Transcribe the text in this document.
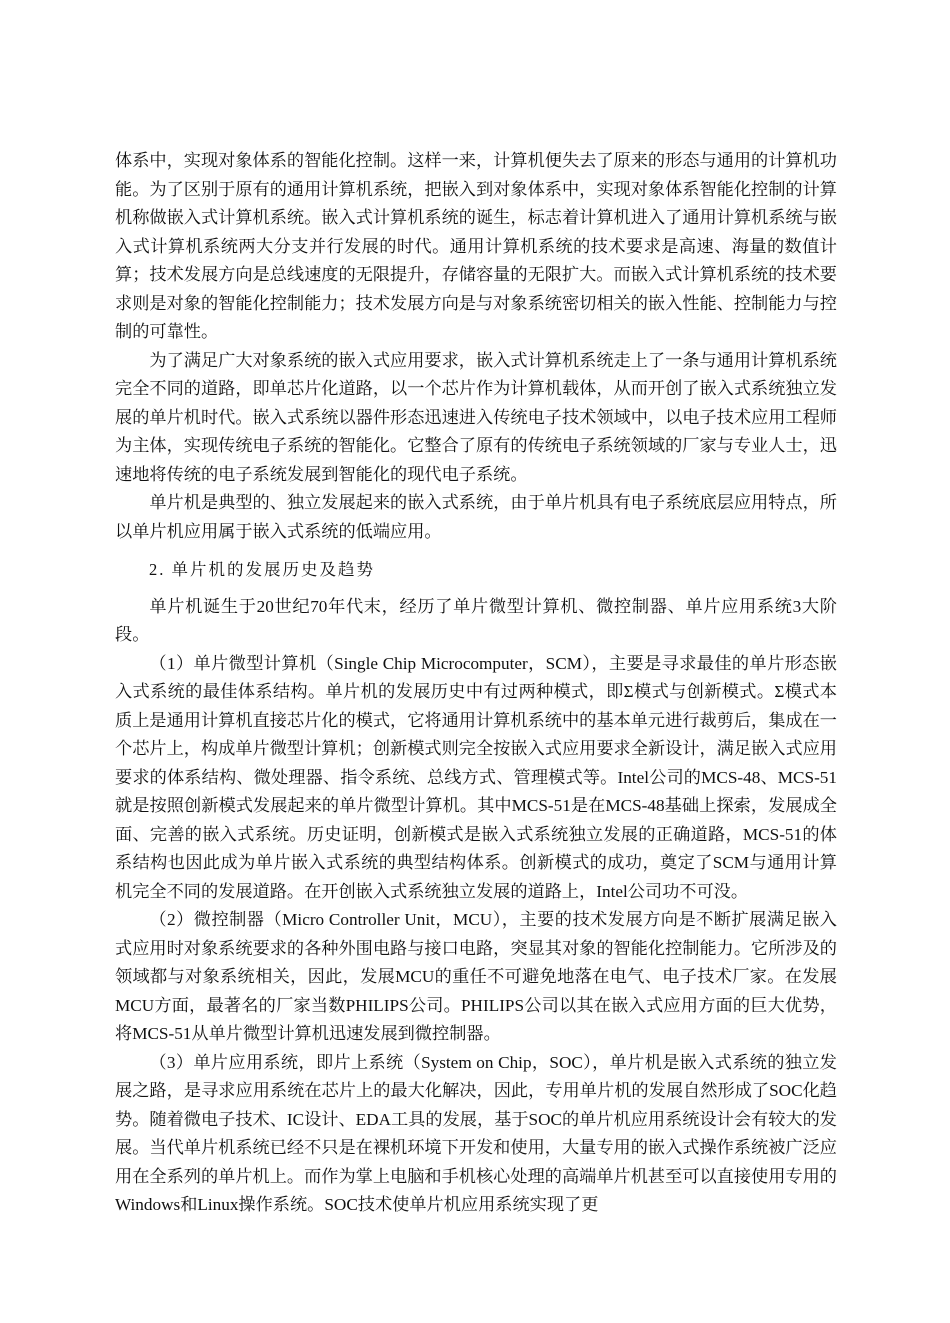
体系中，实现对象体系的智能化控制。这样一来，计算机便失去了原来的形态与通用的计算机功能。为了区别于原有的通用计算机系统，把嵌入到对象体系中，实现对象体系智能化控制的计算机称做嵌入式计算机系统。嵌入式计算机系统的诞生，标志着计算机进入了通用计算机系统与嵌入式计算机系统两大分支并行发展的时代。通用计算机系统的技术要求是高速、海量的数值计算；技术发展方向是总线速度的无限提升，存储容量的无限扩大。而嵌入式计算机系统的技术要求则是对象的智能化控制能力；技术发展方向是与对象系统密切相关的嵌入性能、控制能力与控制的可靠性。

为了满足广大对象系统的嵌入式应用要求，嵌入式计算机系统走上了一条与通用计算机系统完全不同的道路，即单芯片化道路，以一个芯片作为计算机载体，从而开创了嵌入式系统独立发展的单片机时代。嵌入式系统以器件形态迅速进入传统电子技术领域中，以电子技术应用工程师为主体，实现传统电子系统的智能化。它整合了原有的传统电子系统领域的厂家与专业人士，迅速地将传统的电子系统发展到智能化的现代电子系统。

单片机是典型的、独立发展起来的嵌入式系统，由于单片机具有电子系统底层应用特点，所以单片机应用属于嵌入式系统的低端应用。

2. 单片机的发展历史及趋势

单片机诞生于20世纪70年代末，经历了单片微型计算机、微控制器、单片应用系统3大阶段。

（1）单片微型计算机（Single Chip Microcomputer，SCM），主要是寻求最佳的单片形态嵌入式系统的最佳体系结构。单片机的发展历史中有过两种模式，即Σ模式与创新模式。Σ模式本质上是通用计算机直接芯片化的模式，它将通用计算机系统中的基本单元进行裁剪后，集成在一个芯片上，构成单片微型计算机；创新模式则完全按嵌入式应用要求全新设计，满足嵌入式应用要求的体系结构、微处理器、指令系统、总线方式、管理模式等。Intel公司的MCS-48、MCS-51就是按照创新模式发展起来的单片微型计算机。其中MCS-51是在MCS-48基础上探索，发展成全面、完善的嵌入式系统。历史证明，创新模式是嵌入式系统独立发展的正确道路，MCS-51的体系结构也因此成为单片嵌入式系统的典型结构体系。创新模式的成功，奠定了SCM与通用计算机完全不同的发展道路。在开创嵌入式系统独立发展的道路上，Intel公司功不可没。

（2）微控制器（Micro Controller Unit，MCU），主要的技术发展方向是不断扩展满足嵌入式应用时对象系统要求的各种外围电路与接口电路，突显其对象的智能化控制能力。它所涉及的领域都与对象系统相关，因此，发展MCU的重任不可避免地落在电气、电子技术厂家。在发展MCU方面，最著名的厂家当数PHILIPS公司。PHILIPS公司以其在嵌入式应用方面的巨大优势，将MCS-51从单片微型计算机迅速发展到微控制器。

（3）单片应用系统，即片上系统（System on Chip，SOC），单片机是嵌入式系统的独立发展之路，是寻求应用系统在芯片上的最大化解决，因此，专用单片机的发展自然形成了SOC化趋势。随着微电子技术、IC设计、EDA工具的发展，基于SOC的单片机应用系统设计会有较大的发展。当代单片机系统已经不只是在裸机环境下开发和使用，大量专用的嵌入式操作系统被广泛应用在全系列的单片机上。而作为掌上电脑和手机核心处理的高端单片机甚至可以直接使用专用的Windows和Linux操作系统。SOC技术使单片机应用系统实现了更
